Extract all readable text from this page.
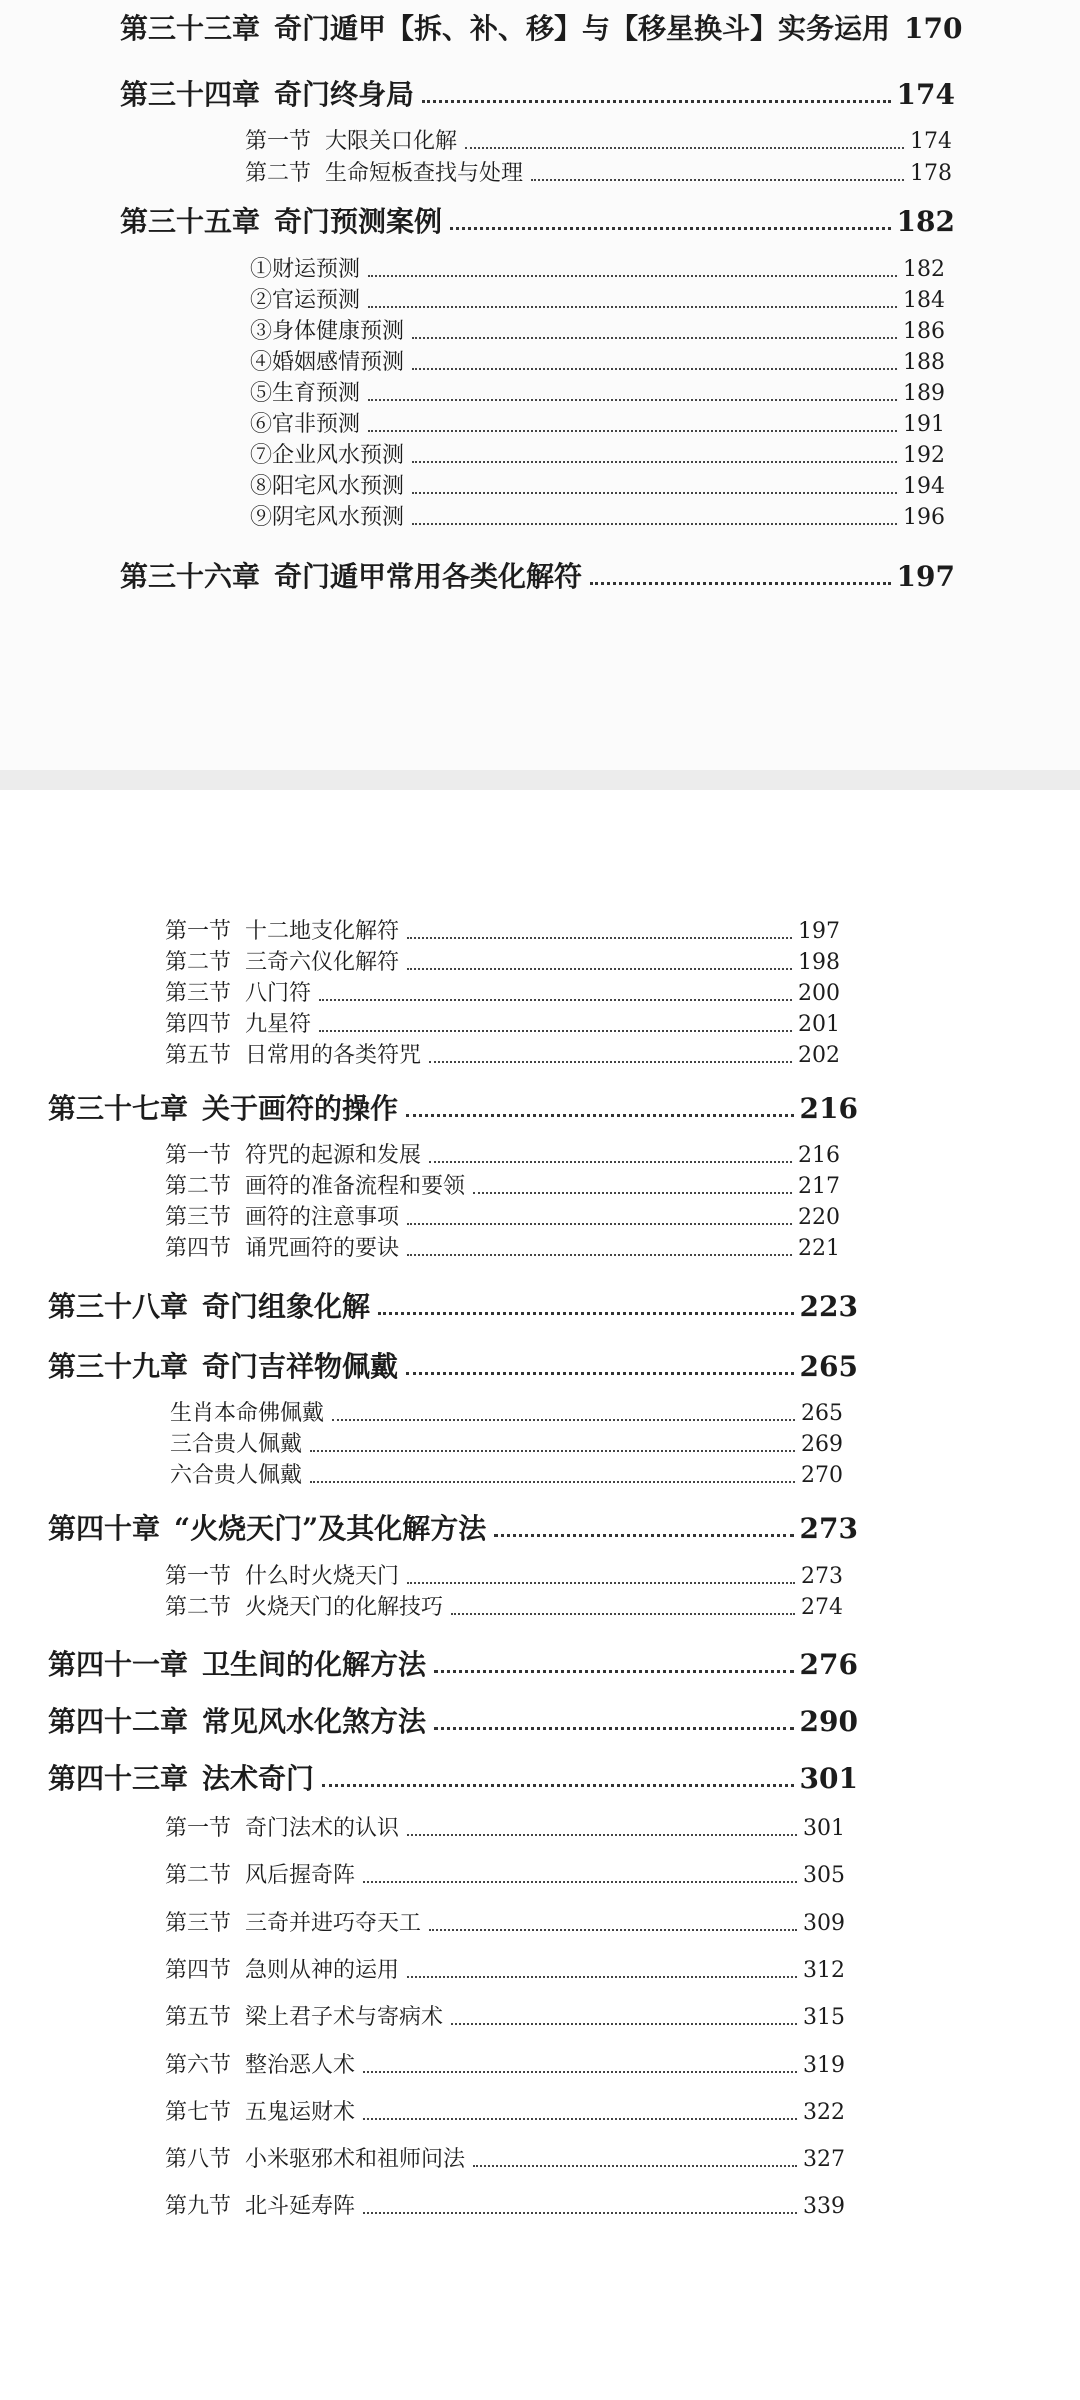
第三十三章 奇门遁甲【拆、补、移】与【移星换斗】实务运用 170
第三十四章 奇门终身局	174
第一节 大限关口化解	174
第二节 生命短板查找与处理	178
第三十五章 奇门预测案例	182
①财运预测	182
②官运预测	184
③身体健康预测	186
④婚姻感情预测	188
⑤生育预测	189
⑥官非预测	191
⑦企业风水预测	192
⑧阳宅风水预测	194
⑨阴宅风水预测	196
第三十六章 奇门遁甲常用各类化解符	197
第一节 十二地支化解符	197
第二节 三奇六仪化解符	198
第三节 八门符	200
第四节 九星符	201
第五节 日常用的各类符咒	202
第三十七章 关于画符的操作	216
第一节 符咒的起源和发展	216
第二节 画符的准备流程和要领	217
第三节 画符的注意事项	220
第四节 诵咒画符的要诀	221
第三十八章 奇门组象化解	223
第三十九章 奇门吉祥物佩戴	265
生肖本命佛佩戴	265
三合贵人佩戴	269
六合贵人佩戴	270
第四十章 “火烧天门”及其化解方法	273
第一节 什么时火烧天门	273
第二节 火烧天门的化解技巧	274
第四十一章 卫生间的化解方法	276
第四十二章 常见风水化煞方法	290
第四十三章 法术奇门	301
第一节 奇门法术的认识	301
第二节 风后握奇阵	305
第三节 三奇并进巧夺天工	309
第四节 急则从神的运用	312
第五节 梁上君子术与寄病术	315
第六节 整治恶人术	319
第七节 五鬼运财术	322
第八节 小米驱邪术和祖师问法	327
第九节 北斗延寿阵	339
